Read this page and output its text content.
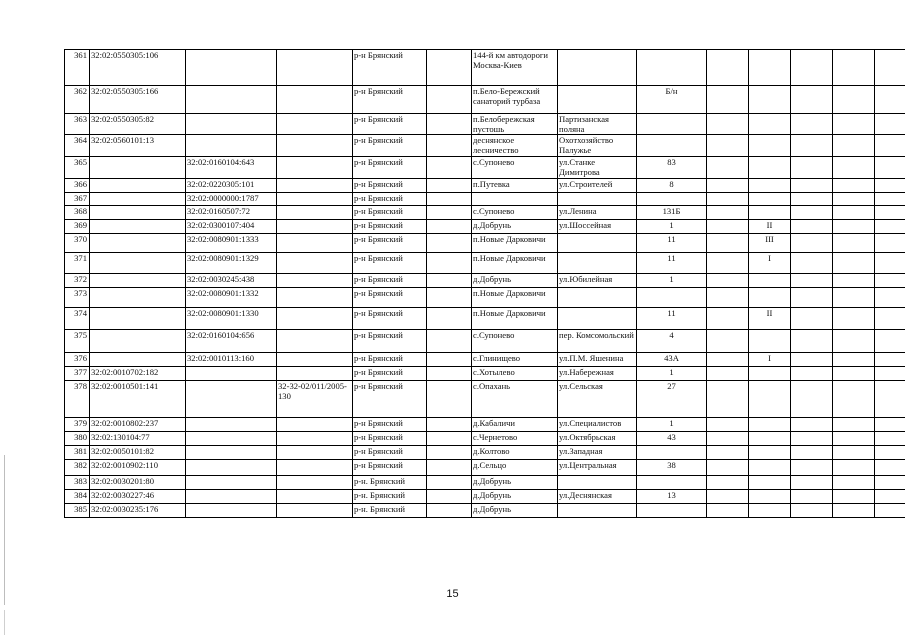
361	32:02:0550305:106			р-н Брянский		144-й км автодороги Москва-Киев							
362	32:02:0550305:166			р-н Брянский		п.Бело-Бережский санаторий турбаза		Б/н					
363	32:02:0550305:82			р-н Брянский		п.Белобережская пустошь	Партизанская поляна						
364	32:02:0560101:13			р-н Брянский		деснянское лесничество	Охотхозяйство Палужье						
365		32:02:0160104:643		р-н Брянский		с.Супонево	ул.Станке Димитрова	83					
366		32:02:0220305:101		р-н Брянский		п.Путевка	ул.Строителей	8					
367		32:02:0000000:1787		р-н Брянский									
368		32:02:0160507:72		р-н Брянский		с.Супонево	ул.Ленина	131Б					
369		32:02:0300107:404		р-н Брянский		д.Добрунь	ул.Шоссейная	1		II			
370		32:02:0080901:1333		р-н Брянский		п.Новые Дарковичи		11		III			
371		32:02:0080901:1329		р-н Брянский		п.Новые Дарковичи		11		I			
372		32:02:0030245:438		р-н Брянский		д.Добрунь	ул.Юбилейная	1					
373		32:02:0080901:1332		р-н Брянский		п.Новые Дарковичи							
374		32:02:0080901:1330		р-н Брянский		п.Новые Дарковичи		11		II			
375		32:02:0160104:656		р-н Брянский		с.Супонево	пер. Комсомольский	4					
376		32:02:0010113:160		р-н Брянский		с.Глинищево	ул.П.М. Яшенина	43А		I			
377	32:02:0010702:182			р-н Брянский		с.Хотылево	ул.Набережная	1					
378	32:02:0010501:141		32-32-02/011/2005-130	р-н Брянский		с.Опахань	ул.Сельская	27					
379	32:02:0010802:237			р-н Брянский		д.Кабаличи	ул.Специалистов	1					
380	32:02:130104:77			р-н Брянский		с.Чернетово	ул.Октябрьская	43					
381	32:02:0050101:82			р-н Брянский		д.Колтово	ул.Западная						
382	32:02:0010902:110			р-н Брянский		д.Сельцо	ул.Центральная	38					
383	32:02:0030201:80			р-н. Брянский		д.Добрунь							
384	32:02:0030227:46			р-н. Брянский		д.Добрунь	ул.Деснянская	13					
385	32:02:0030235:176			р-н. Брянский		д.Добрунь							
15
